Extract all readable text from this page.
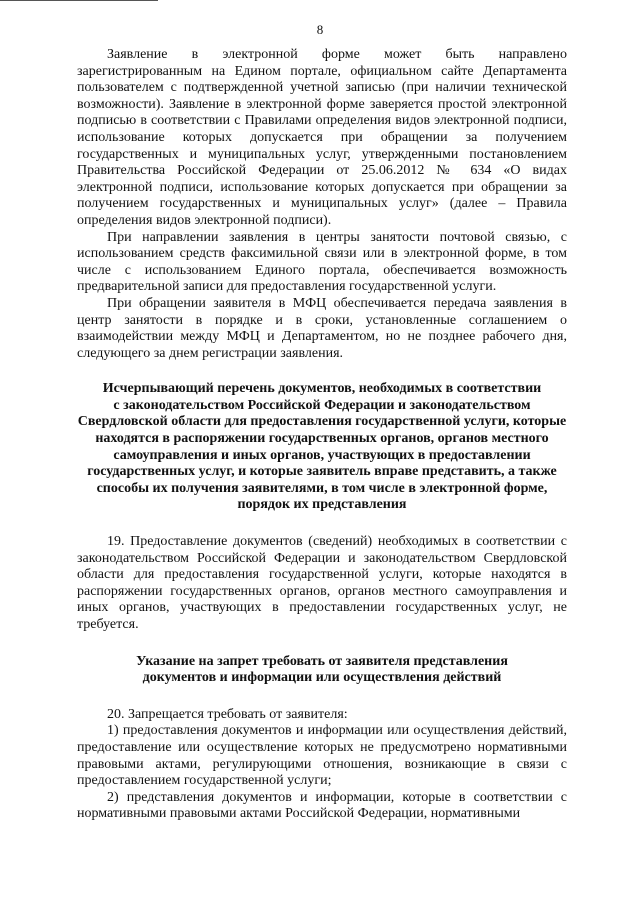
8

Заявление в электронной форме может быть направлено зарегистрированным на Едином портале, официальном сайте Департамента пользователем с подтвержденной учетной записью (при наличии технической возможности). Заявление в электронной форме заверяется простой электронной подписью в соответствии с Правилами определения видов электронной подписи, использование которых допускается при обращении за получением государственных и муниципальных услуг, утвержденными постановлением Правительства Российской Федерации от 25.06.2012 № 634 «О видах электронной подписи, использование которых допускается при обращении за получением государственных и муниципальных услуг» (далее – Правила определения видов электронной подписи).

При направлении заявления в центры занятости почтовой связью, с использованием средств факсимильной связи или в электронной форме, в том числе с использованием Единого портала, обеспечивается возможность предварительной записи для предоставления государственной услуги.

При обращении заявителя в МФЦ обеспечивается передача заявления в центр занятости в порядке и в сроки, установленные соглашением о взаимодействии между МФЦ и Департаментом, но не позднее рабочего дня, следующего за днем регистрации заявления.

Исчерпывающий перечень документов, необходимых в соответствии
с законодательством Российской Федерации и законодательством
Свердловской области для предоставления государственной услуги, которые
находятся в распоряжении государственных органов, органов местного
самоуправления и иных органов, участвующих в предоставлении
государственных услуг, и которые заявитель вправе представить, а также
способы их получения заявителями, в том числе в электронной форме,
порядок их представления

19. Предоставление документов (сведений) необходимых в соответствии с законодательством Российской Федерации и законодательством Свердловской области для предоставления государственной услуги, которые находятся в распоряжении государственных органов, органов местного самоуправления и иных органов, участвующих в предоставлении государственных услуг, не требуется.

Указание на запрет требовать от заявителя представления
документов и информации или осуществления действий

20. Запрещается требовать от заявителя:

1) предоставления документов и информации или осуществления действий, предоставление или осуществление которых не предусмотрено нормативными правовыми актами, регулирующими отношения, возникающие в связи с предоставлением государственной услуги;

2) представления документов и информации, которые в соответствии с нормативными правовыми актами Российской Федерации, нормативными
